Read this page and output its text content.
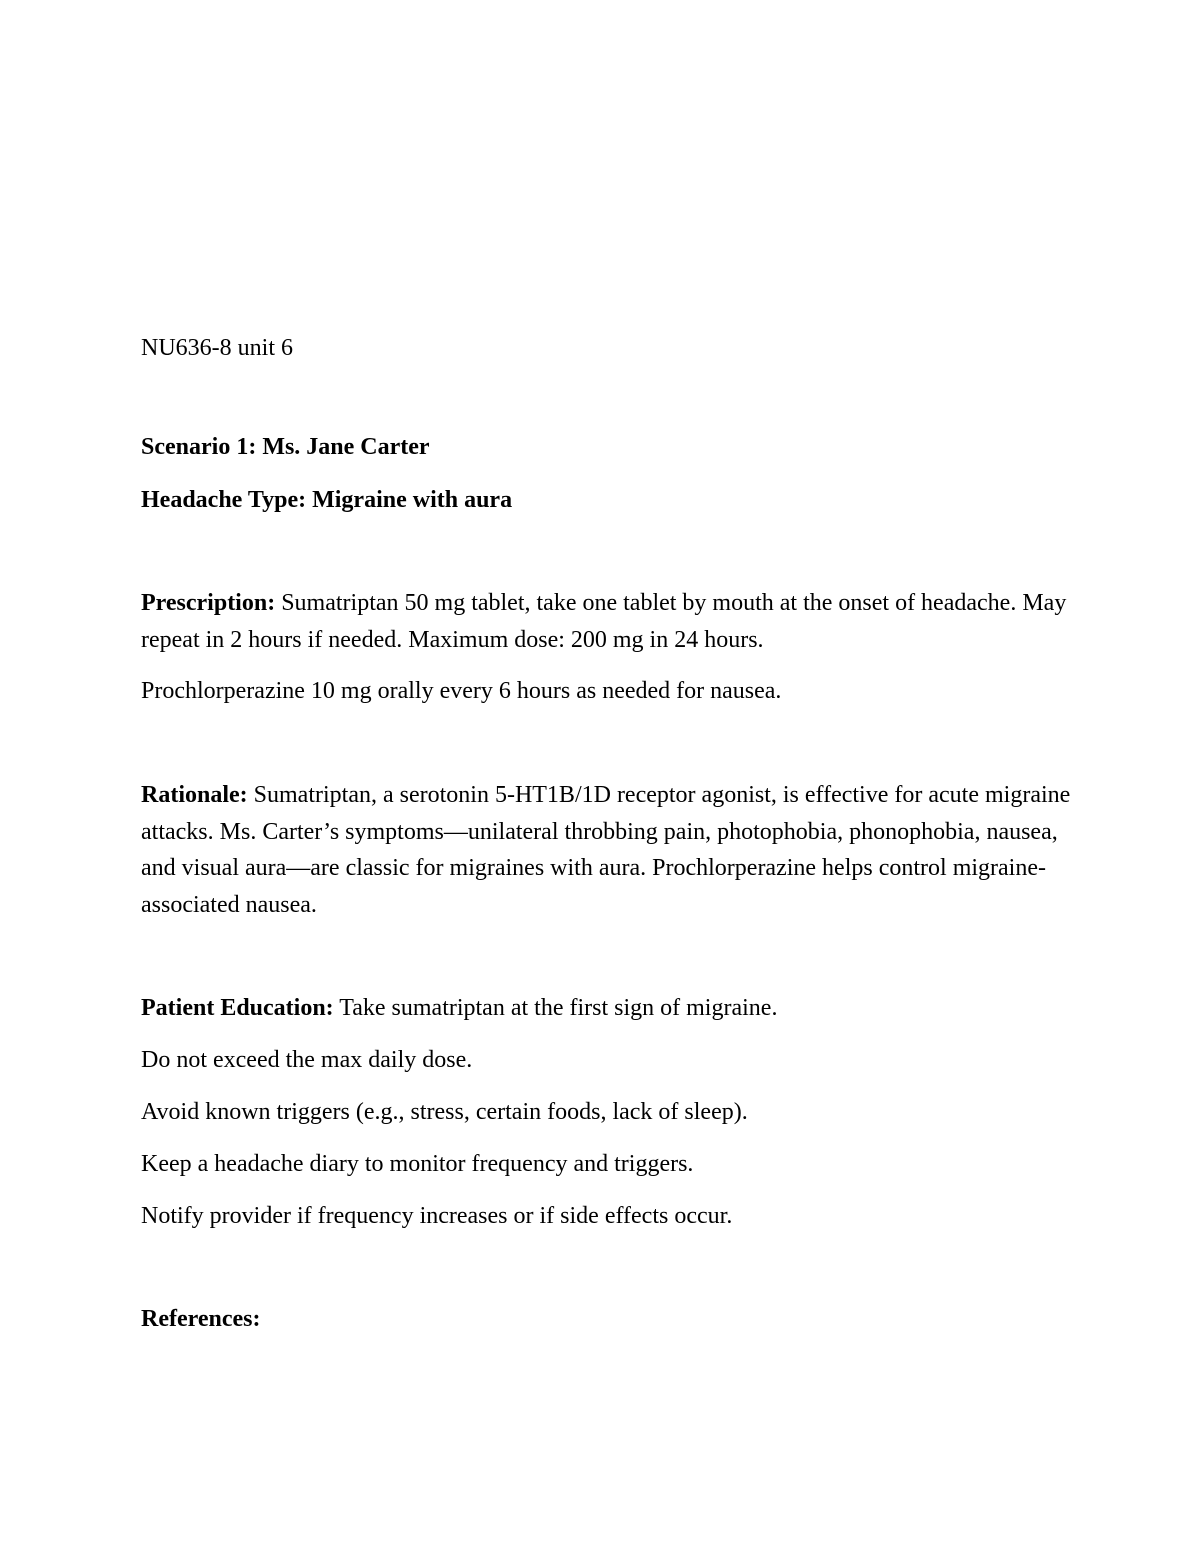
NU636-8 unit 6

Scenario 1: Ms. Jane Carter

Headache Type: Migraine with aura

Prescription: Sumatriptan 50 mg tablet, take one tablet by mouth at the onset of headache. May repeat in 2 hours if needed. Maximum dose: 200 mg in 24 hours.

Prochlorperazine 10 mg orally every 6 hours as needed for nausea.

Rationale: Sumatriptan, a serotonin 5-HT1B/1D receptor agonist, is effective for acute migraine attacks. Ms. Carter’s symptoms—unilateral throbbing pain, photophobia, phonophobia, nausea, and visual aura—are classic for migraines with aura. Prochlorperazine helps control migraine-associated nausea.

Patient Education: Take sumatriptan at the first sign of migraine.

Do not exceed the max daily dose.

Avoid known triggers (e.g., stress, certain foods, lack of sleep).

Keep a headache diary to monitor frequency and triggers.

Notify provider if frequency increases or if side effects occur.

References:
